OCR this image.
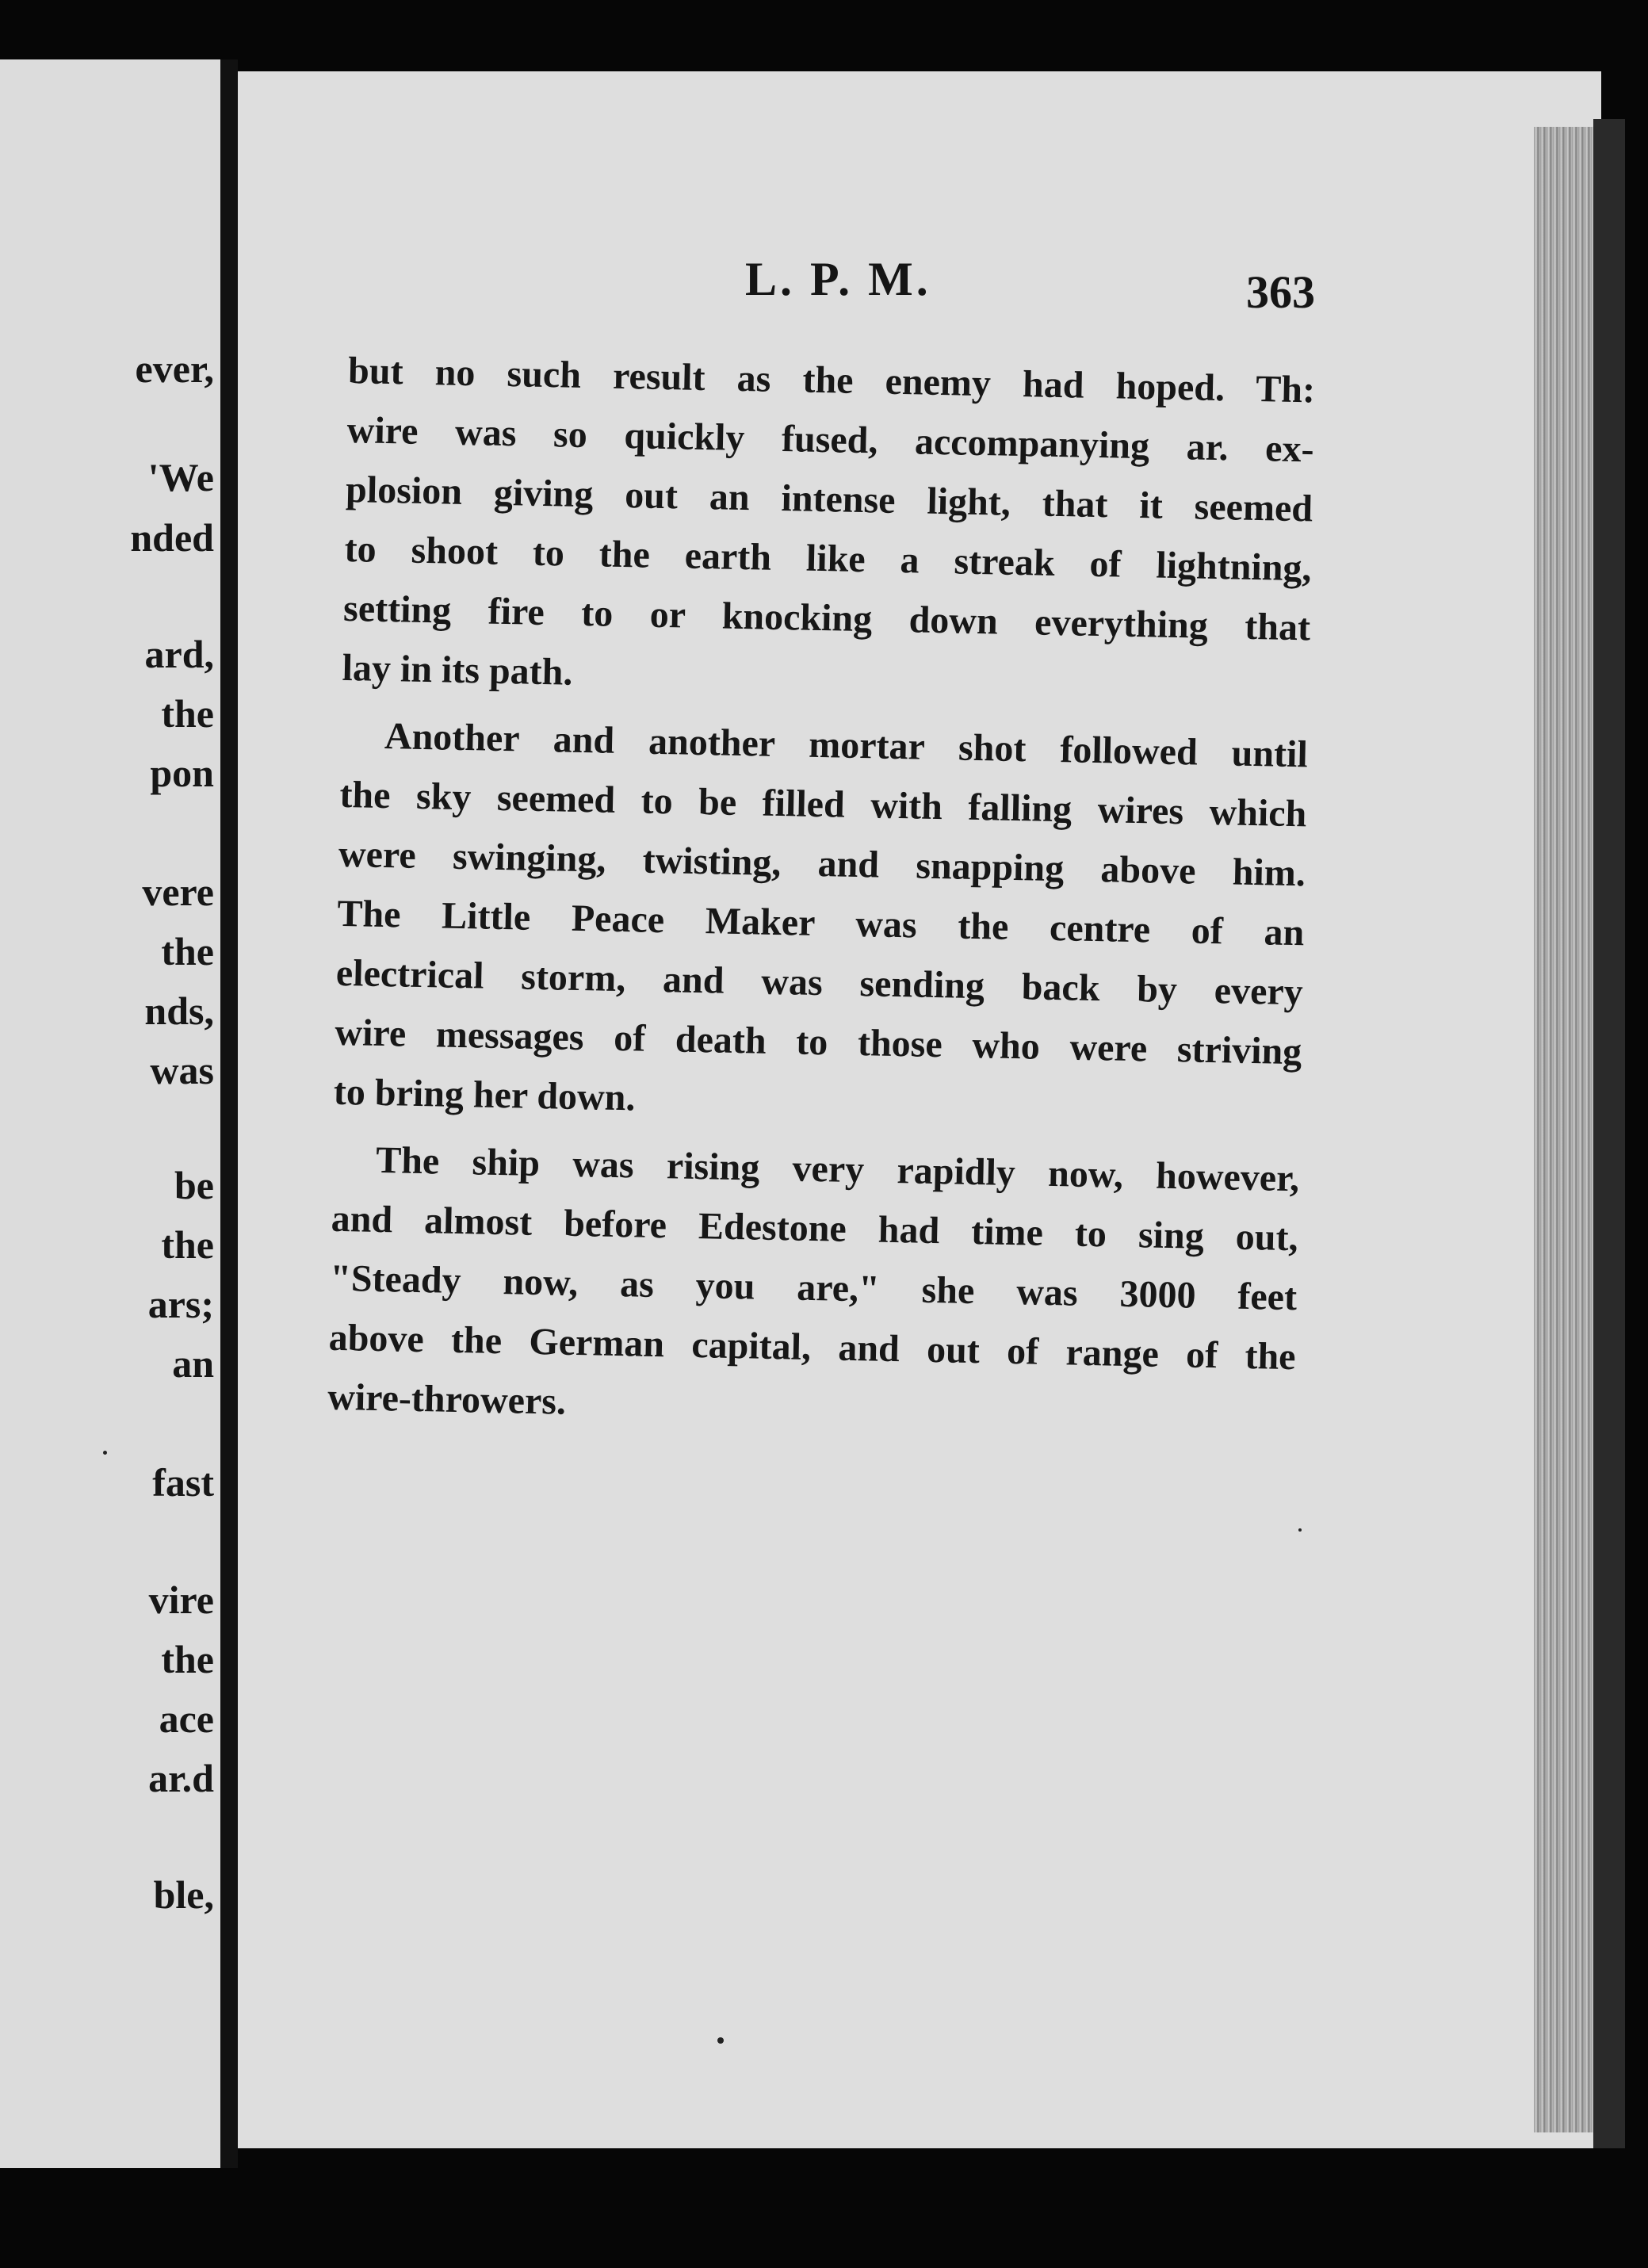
ever,
'We
nded
ard,
the
pon
vere
the
nds,
was
be
the
ars;
an
fast
vire
the
ace
ar.d
ble,
L. P. M.	363
but no such result as the enemy had hoped. Th:
wire was so quickly fused, accompanying ar. ex-
plosion giving out an intense light, that it seemed
to shoot to the earth like a streak of lightning,
setting fire to or knocking down everything that
lay in its path.
Another and another mortar shot followed until
the sky seemed to be filled with falling wires which
were swinging, twisting, and snapping above him.
The Little Peace Maker was the centre of an
electrical storm, and was sending back by every
wire messages of death to those who were striving
to bring her down.
The ship was rising very rapidly now, however,
and almost before Edestone had time to sing out,
"Steady now, as you are," she was 3000 feet
above the German capital, and out of range of the
wire-throwers.
